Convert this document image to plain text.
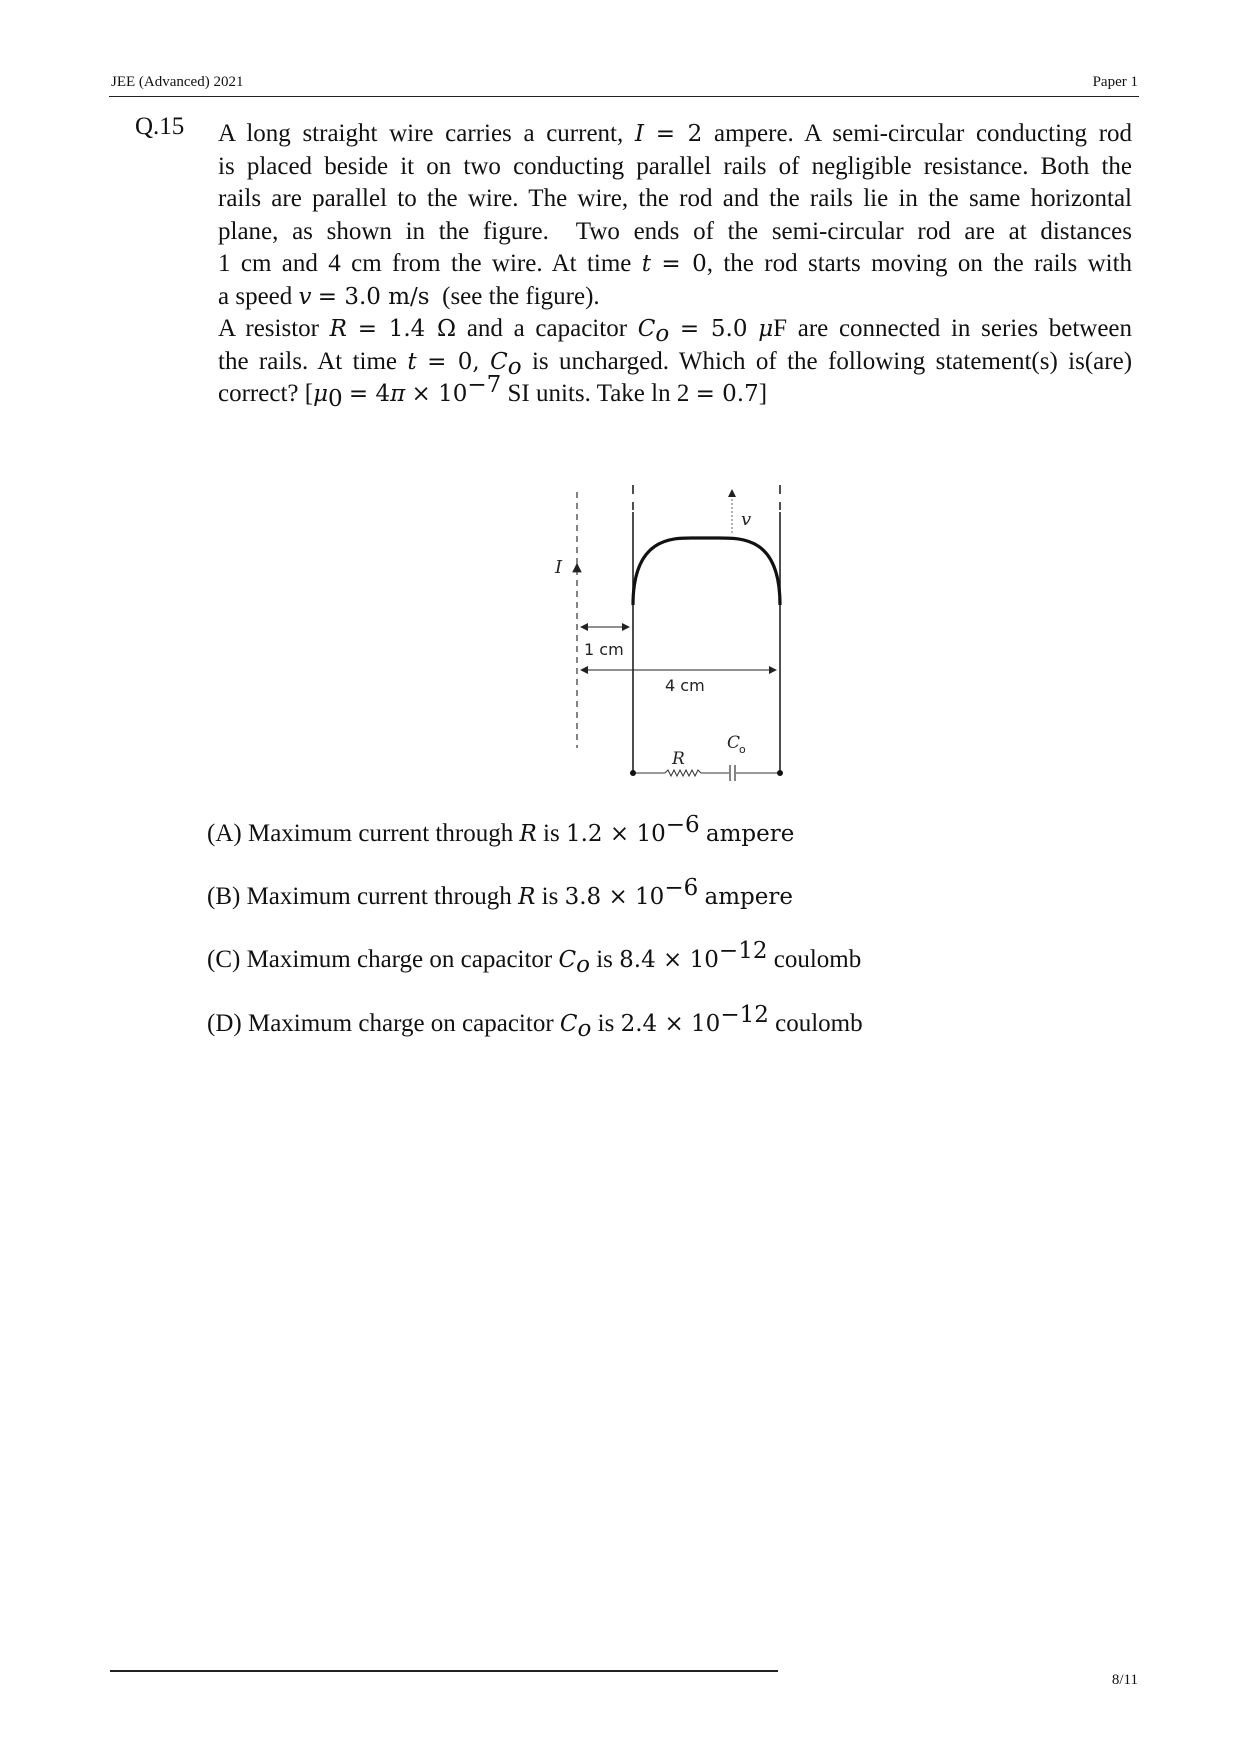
JEE (Advanced) 2021	Paper 1
Q.15 A long straight wire carries a current, I = 2 ampere. A semi-circular conducting rod

is placed beside it on two conducting parallel rails of negligible resistance. Both the

rails are parallel to the wire. The wire, the rod and the rails lie in the same horizontal

plane, as shown in the figure.  Two ends of the semi-circular rod are at distances

1 cm and 4 cm from the wire. At time t = 0, the rod starts moving on the rails with

a speed v = 3.0 m/s  (see the figure).

A resistor R = 1.4 Ω and a capacitor $C_o = 5.0$ μF are connected in series between

the rails. At time t = 0, $C_o$ is uncharged. Which of the following statement(s) is(are)

correct? [$\mu_0 = 4\pi \times 10^{-7}$ SI units. Take ln 2 = 0.7]

v
I
1 cm
4 cm
R
C
o
(A) Maximum current through R is $1.2 \times 10^{-6}$ ampere
(B) Maximum current through R is $3.8 \times 10^{-6}$ ampere
(C) Maximum charge on capacitor $C_o$ is $8.4 \times 10^{-12}$ coulomb
(D) Maximum charge on capacitor $C_o$ is $2.4 \times 10^{-12}$ coulomb
8/11
